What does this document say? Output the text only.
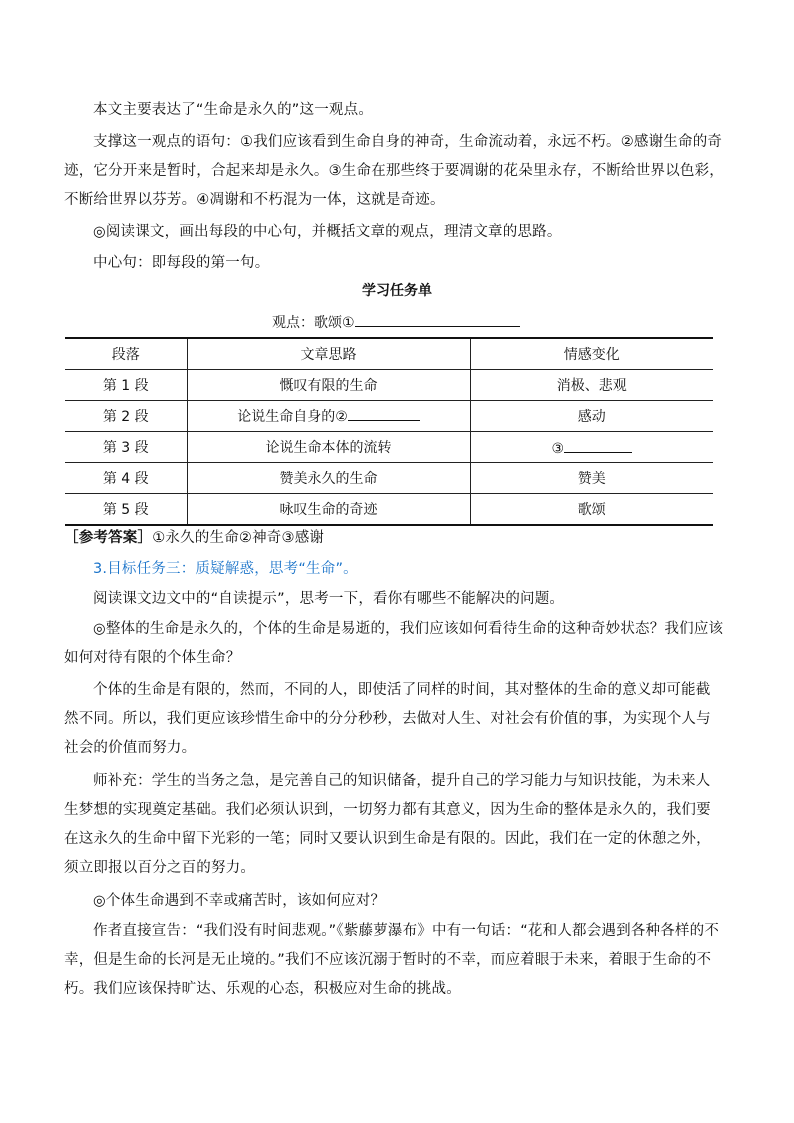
本文主要表达了“生命是永久的”这一观点。

支撑这一观点的语句：①我们应该看到生命自身的神奇，生命流动着，永远不朽。②感谢生命的奇迹，它分开来是暂时，合起来却是永久。③生命在那些终于要凋谢的花朵里永存，不断给世界以色彩，不断给世界以芬芳。④凋谢和不朽混为一体，这就是奇迹。

◎阅读课文，画出每段的中心句，并概括文章的观点，理清文章的思路。

中心句：即每段的第一句。

学习任务单
观点：歌颂①
段落	文章思路	情感变化
第 1 段	慨叹有限的生命	消极、悲观
第 2 段	论说生命自身的②	感动
第 3 段	论说生命本体的流转	③
第 4 段	赞美永久的生命	赞美
第 5 段	咏叹生命的奇迹	歌颂

［参考答案］①永久的生命②神奇③感谢

3.目标任务三：质疑解惑，思考“生命”。

阅读课文边文中的“自读提示”，思考一下，看你有哪些不能解决的问题。

◎整体的生命是永久的，个体的生命是易逝的，我们应该如何看待生命的这种奇妙状态？我们应该如何对待有限的个体生命？

个体的生命是有限的，然而，不同的人，即使活了同样的时间，其对整体的生命的意义却可能截然不同。所以，我们更应该珍惜生命中的分分秒秒，去做对人生、对社会有价值的事，为实现个人与社会的价值而努力。

师补充：学生的当务之急，是完善自己的知识储备，提升自己的学习能力与知识技能，为未来人生梦想的实现奠定基础。我们必须认识到，一切努力都有其意义，因为生命的整体是永久的，我们要在这永久的生命中留下光彩的一笔；同时又要认识到生命是有限的。因此，我们在一定的休憩之外，须立即报以百分之百的努力。

◎个体生命遇到不幸或痛苦时，该如何应对？

作者直接宣告：“我们没有时间悲观。”《紫藤萝瀑布》中有一句话：“花和人都会遇到各种各样的不幸，但是生命的长河是无止境的。”我们不应该沉溺于暂时的不幸，而应着眼于未来，着眼于生命的不朽。我们应该保持旷达、乐观的心态，积极应对生命的挑战。
